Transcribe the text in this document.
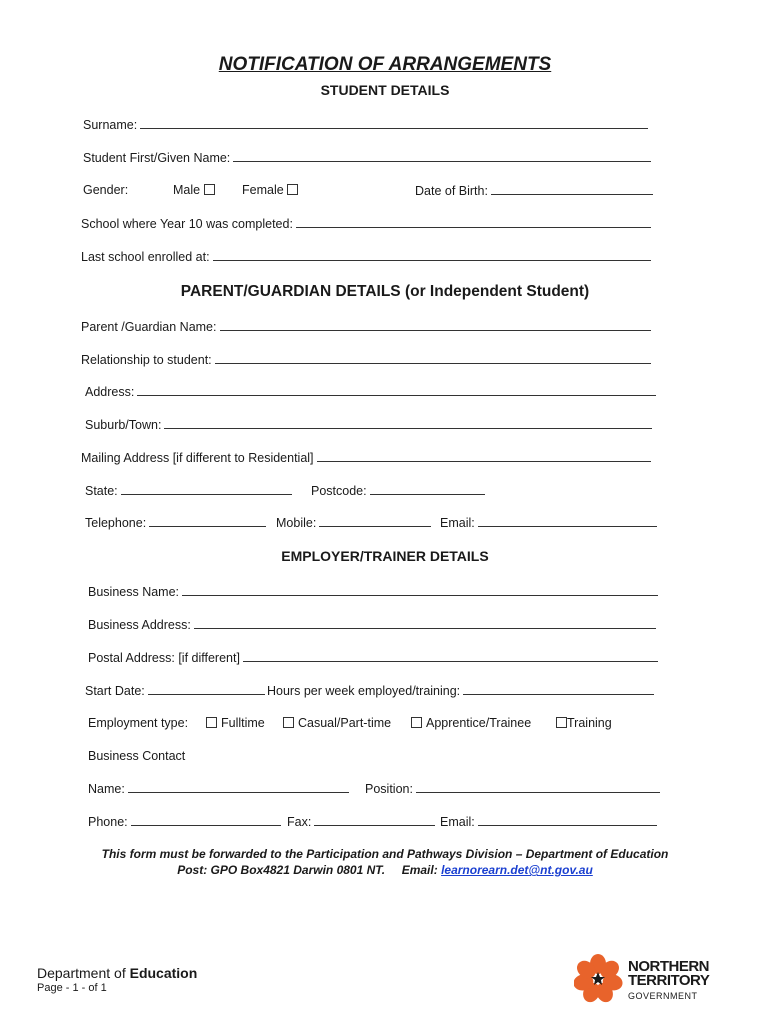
NOTIFICATION OF ARRANGEMENTS
STUDENT DETAILS
Surname:
Student First/Given Name:
Gender:	Male	Female	Date of Birth:
School where Year 10 was completed:
Last school enrolled at:
PARENT/GUARDIAN DETAILS (or Independent Student)
Parent /Guardian Name:
Relationship to student:
Address:
Suburb/Town:
Mailing Address [if different to Residential]
State:	Postcode:
Telephone:	Mobile:	Email:
EMPLOYER/TRAINER DETAILS
Business Name:
Business Address:
Postal Address: [if different]
Start Date:	Hours per week employed/training:
Employment type:	Fulltime	Casual/Part-time	Apprentice/Trainee	Training
Business Contact
Name:	Position:
Phone:	Fax:	Email:
This form must be forwarded to the Participation and Pathways Division – Department of Education
Post: GPO Box4821 Darwin 0801 NT.     Email: learnorearn.det@nt.gov.au
Department of Education
Page - 1 - of 1
NORTHERN
TERRITORY
GOVERNMENT
